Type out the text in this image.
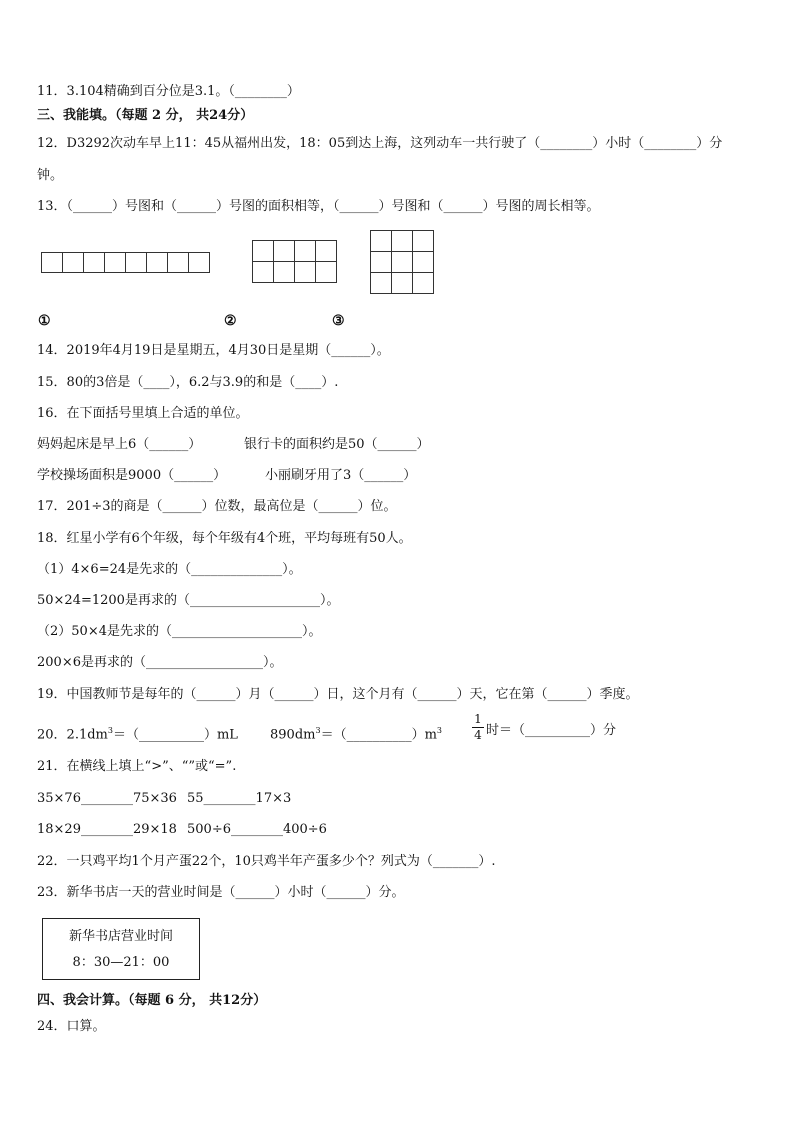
11．3.104精确到百分位是3.1。（________）
三、我能填。（每题 2 分， 共24分）
12．D3292次动车早上11：45从福州出发，18：05到达上海，这列动车一共行驶了（________）小时（________）分
钟。
13．（______）号图和（______）号图的面积相等，（______）号图和（______）号图的周长相等。

①	②	③
14．2019年4月19日是星期五，4月30日是星期（______）。
15．80的3倍是（____），6.2与3.9的和是（____）.
16．在下面括号里填上合适的单位。
妈妈起床是早上6（______）	银行卡的面积约是50（______）
学校操场面积是9000（______）	小丽刷牙用了3（______）
17．201÷3的商是（______）位数，最高位是（______）位。
18．红星小学有6个年级，每个年级有4个班，平均每班有50人。
（1）4×6=24是先求的（______________）。
50×24=1200是再求的（____________________）。
（2）50×4是先求的（____________________）。
200×6是再求的（__________________）。
19．中国教师节是每年的（______）月（______）日，这个月有（______）天，它在第（______）季度。
20．$2.1dm^3=(\_\_\_\_\_\_\_\_\_\_)mL$ $890dm^3=(\_\_\_\_\_\_\_\_\_\_)m^3$	$\frac{1}{4}$ 时＝（__________）分
21．在横线上填上“>”、“”或“=”.
35×76________75×36 55________17×3
18×29________29×18 500÷6________400÷6
22．一只鸡平均1个月产蛋22个，10只鸡半年产蛋多少个？列式为（_______）.
23．新华书店一天的营业时间是（______）小时（______）分。
新华书店营业时间
8：30—21：00
四、我会计算。（每题 6 分， 共12分）
24．口算。
